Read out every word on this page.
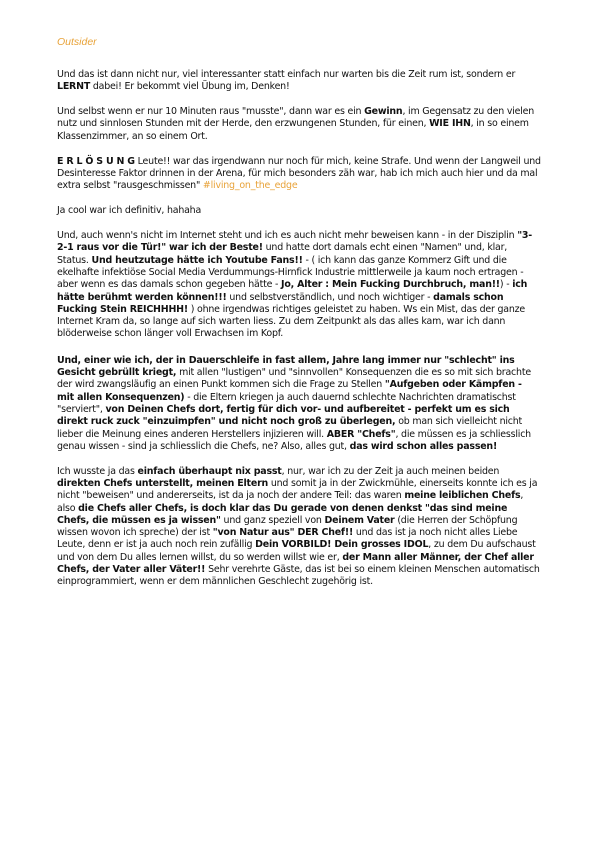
Outsider

Und das ist dann nicht nur, viel interessanter statt einfach nur warten bis die Zeit rum ist, sondern er LERNT dabei! Er bekommt viel Übung im, Denken!

Und selbst wenn er nur 10 Minuten raus "musste", dann war es ein Gewinn, im Gegensatz zu den vielen nutz und sinnlosen Stunden mit der Herde, den erzwungenen Stunden, für einen, WIE IHN, in so einem Klassenzimmer, an so einem Ort.

E R L Ö S U N G Leute!! war das irgendwann nur noch für mich, keine Strafe. Und wenn der Langweil und Desinteresse Faktor drinnen in der Arena, für mich besonders zäh war, hab ich mich auch hier und da mal extra selbst "rausgeschmissen" #living_on_the_edge

Ja cool war ich definitiv, hahaha

Und, auch wenn's nicht im Internet steht und ich es auch nicht mehr beweisen kann - in der Disziplin "3-2-1 raus vor die Tür!" war ich der Beste! und hatte dort damals echt einen "Namen" und, klar, Status. Und heutzutage hätte ich Youtube Fans!! - ( ich kann das ganze Kommerz Gift und die ekelhafte infektiöse Social Media Verdummungs-Hirnfick Industrie mittlerweile ja kaum noch ertragen - aber wenn es das damals schon gegeben hätte - Jo, Alter : Mein Fucking Durchbruch, man!!) - ich hätte berühmt werden können!!! und selbstverständlich, und noch wichtiger - damals schon Fucking Stein REICHHHH! ) ohne irgendwas richtiges geleistet zu haben. Ws ein Mist, das der ganze Internet Kram da, so lange auf sich warten liess. Zu dem Zeitpunkt als das alles kam, war ich dann blöderweise schon länger voll Erwachsen im Kopf.

Und, einer wie ich, der in Dauerschleife in fast allem, Jahre lang immer nur "schlecht" ins Gesicht gebrüllt kriegt, mit allen "lustigen" und "sinnvollen" Konsequenzen die es so mit sich brachte der wird zwangsläufig an einen Punkt kommen sich die Frage zu Stellen "Aufgeben oder Kämpfen - mit allen Konsequenzen) - die Eltern kriegen ja auch dauernd schlechte Nachrichten dramatischst "serviert", von Deinen Chefs dort, fertig für dich vor- und aufbereitet - perfekt um es sich direkt ruck zuck "einzuimpfen" und nicht noch groß zu überlegen, ob man sich vielleicht nicht lieber die Meinung eines anderen Herstellers injizieren will. ABER "Chefs", die müssen es ja schliesslich genau wissen - sind ja schliesslich die Chefs, ne? Also, alles gut, das wird schon alles passen!

Ich wusste ja das einfach überhaupt nix passt, nur, war ich zu der Zeit ja auch meinen beiden direkten Chefs unterstellt, meinen Eltern und somit ja in der Zwickmühle, einerseits konnte ich es ja nicht "beweisen" und andererseits, ist da ja noch der andere Teil: das waren meine leiblichen Chefs, also die Chefs aller Chefs, is doch klar das Du gerade von denen denkst "das sind meine Chefs, die müssen es ja wissen" und ganz speziell von Deinem Vater (die Herren der Schöpfung wissen wovon ich spreche) der ist "von Natur aus" DER Chef!! und das ist ja noch nicht alles Liebe Leute, denn er ist ja auch noch rein zufällig Dein VORBILD! Dein grosses IDOL, zu dem Du aufschaust und von dem Du alles lernen willst, du so werden willst wie er, der Mann aller Männer, der Chef aller Chefs, der Vater aller Väter!! Sehr verehrte Gäste, das ist bei so einem kleinen Menschen automatisch einprogrammiert, wenn er dem männlichen Geschlecht zugehörig ist.
